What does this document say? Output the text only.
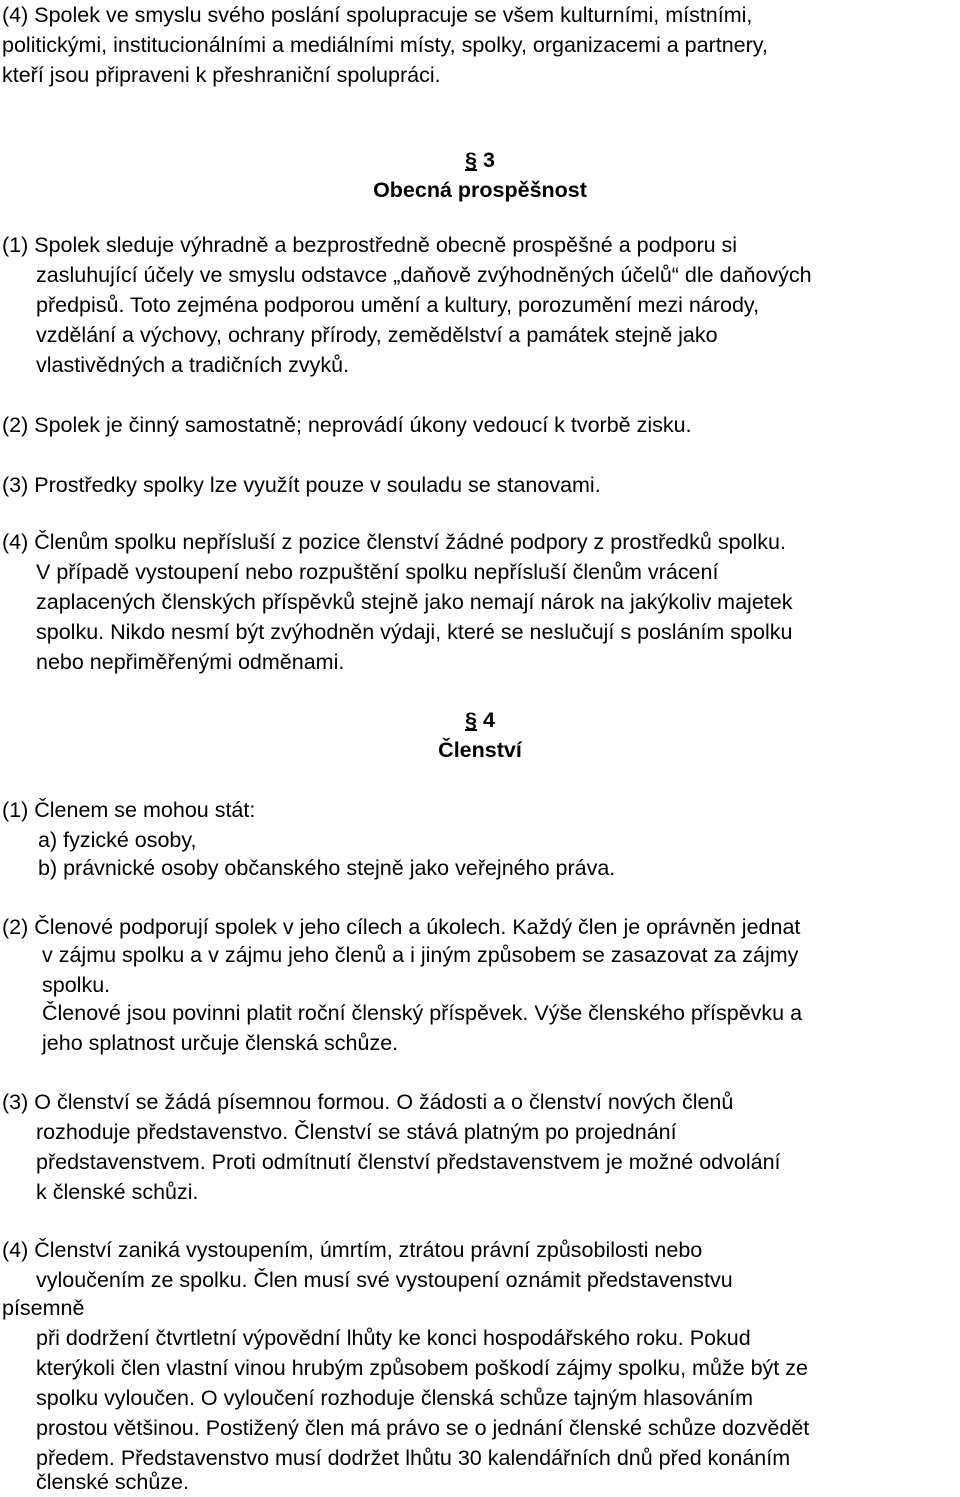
(4) Spolek ve smyslu svého poslání spolupracuje se všem kulturními, místními,

politickými, institucionálními a mediálními místy, spolky, organizacemi a partnery,

kteří jsou připraveni k přeshraniční spolupráci.

§ 3
Obecná prospěšnost

(1) Spolek sleduje výhradně a bezprostředně obecně prospěšné a podporu si

zasluhující účely ve smyslu odstavce „daňově zvýhodněných účelů“ dle daňových

předpisů. Toto zejména podporou umění a kultury, porozumění mezi národy,

vzdělání a výchovy, ochrany přírody, zemědělství a památek stejně jako

vlastivědných a tradičních zvyků.

(2) Spolek je činný samostatně; neprovádí úkony vedoucí k tvorbě zisku.

(3) Prostředky spolky lze využít pouze v souladu se stanovami.

(4) Členům spolku nepřísluší z pozice členství žádné podpory z prostředků spolku.

V případě vystoupení nebo rozpuštění spolku nepřísluší členům vrácení

zaplacených členských příspěvků stejně jako nemají nárok na jakýkoliv majetek

spolku. Nikdo nesmí být zvýhodněn výdaji, které se neslučují s posláním spolku

nebo nepřiměřenými odměnami.

§ 4
Členství

(1) Členem se mohou stát:

a) fyzické osoby,

b) právnické osoby občanského stejně jako veřejného práva.

(2) Členové podporují spolek v jeho cílech a úkolech. Každý člen je oprávněn jednat

v zájmu spolku a v zájmu jeho členů a i jiným způsobem se zasazovat za zájmy

spolku.

Členové jsou povinni platit roční členský příspěvek. Výše členského příspěvku a

jeho splatnost určuje členská schůze.

(3) O členství se žádá písemnou formou. O žádosti a o členství nových členů

rozhoduje představenstvo. Členství se stává platným po projednání

představenstvem. Proti odmítnutí členství představenstvem je možné odvolání

k členské schůzi.

(4) Členství zaniká vystoupením, úmrtím, ztrátou právní způsobilosti nebo

vyloučením ze spolku. Člen musí své vystoupení oznámit představenstvu

písemně

při dodržení čtvrtletní výpovědní lhůty ke konci hospodářského roku. Pokud

kterýkoli člen vlastní vinou hrubým způsobem poškodí zájmy spolku, může být ze

spolku vyloučen. O vyloučení rozhoduje členská schůze tajným hlasováním

prostou většinou. Postižený člen má právo se o jednání členské schůze dozvědět

předem. Představenstvo musí dodržet lhůtu 30 kalendářních dnů před konáním

členské schůze.
